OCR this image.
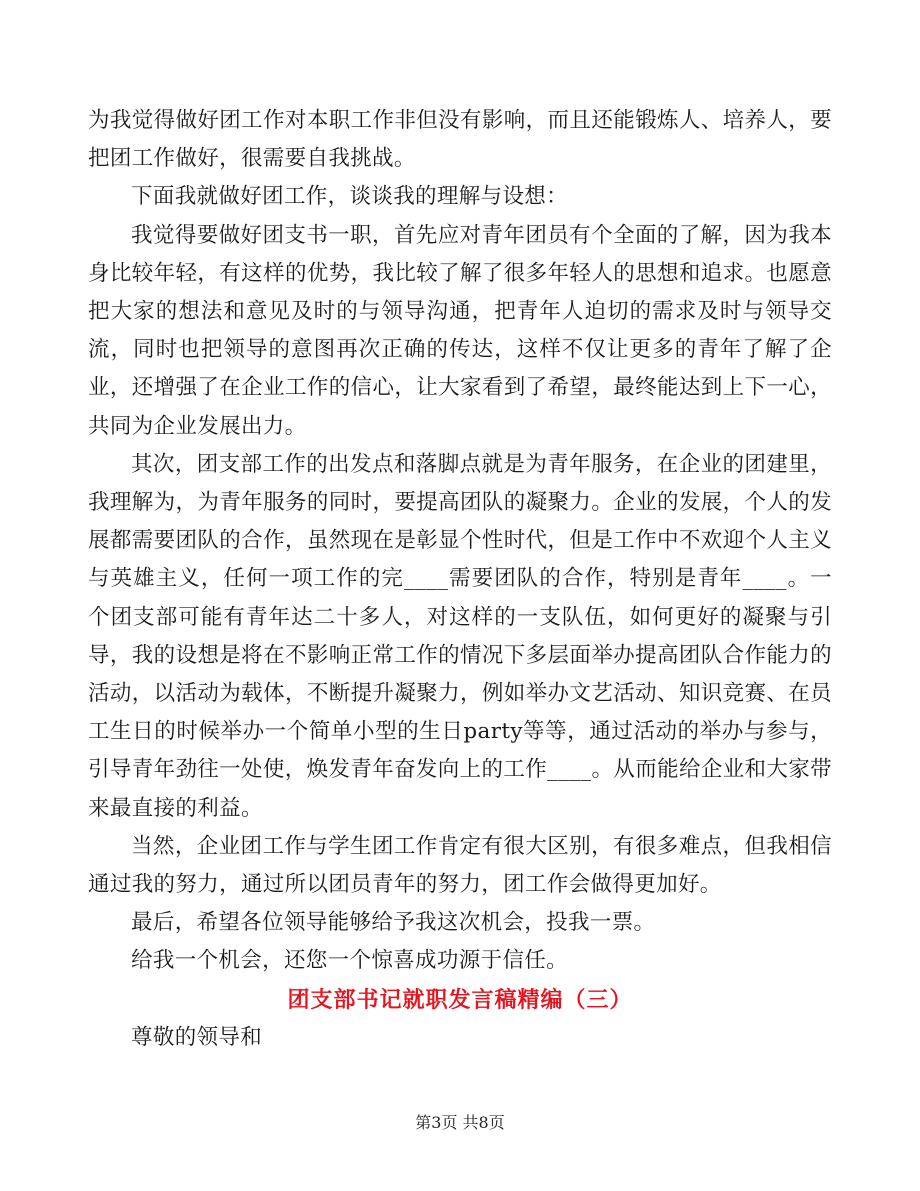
为我觉得做好团工作对本职工作非但没有影响，而且还能锻炼人、培养人，要把团工作做好，很需要自我挑战。

下面我就做好团工作，谈谈我的理解与设想：

我觉得要做好团支书一职，首先应对青年团员有个全面的了解，因为我本身比较年轻，有这样的优势，我比较了解了很多年轻人的思想和追求。也愿意把大家的想法和意见及时的与领导沟通，把青年人迫切的需求及时与领导交流，同时也把领导的意图再次正确的传达，这样不仅让更多的青年了解了企业，还增强了在企业工作的信心，让大家看到了希望，最终能达到上下一心，共同为企业发展出力。

其次，团支部工作的出发点和落脚点就是为青年服务，在企业的团建里，我理解为，为青年服务的同时，要提高团队的凝聚力。企业的发展，个人的发展都需要团队的合作，虽然现在是彰显个性时代，但是工作中不欢迎个人主义与英雄主义，任何一项工作的完____需要团队的合作，特别是青年____。一个团支部可能有青年达二十多人，对这样的一支队伍，如何更好的凝聚与引导，我的设想是将在不影响正常工作的情况下多层面举办提高团队合作能力的活动，以活动为载体，不断提升凝聚力，例如举办文艺活动、知识竞赛、在员工生日的时候举办一个简单小型的生日party等等，通过活动的举办与参与，引导青年劲往一处使，焕发青年奋发向上的工作____。从而能给企业和大家带来最直接的利益。

当然，企业团工作与学生团工作肯定有很大区别，有很多难点，但我相信通过我的努力，通过所以团员青年的努力，团工作会做得更加好。

最后，希望各位领导能够给予我这次机会，投我一票。

给我一个机会，还您一个惊喜成功源于信任。

团支部书记就职发言稿精编（三）

尊敬的领导和

第3页 共8页
